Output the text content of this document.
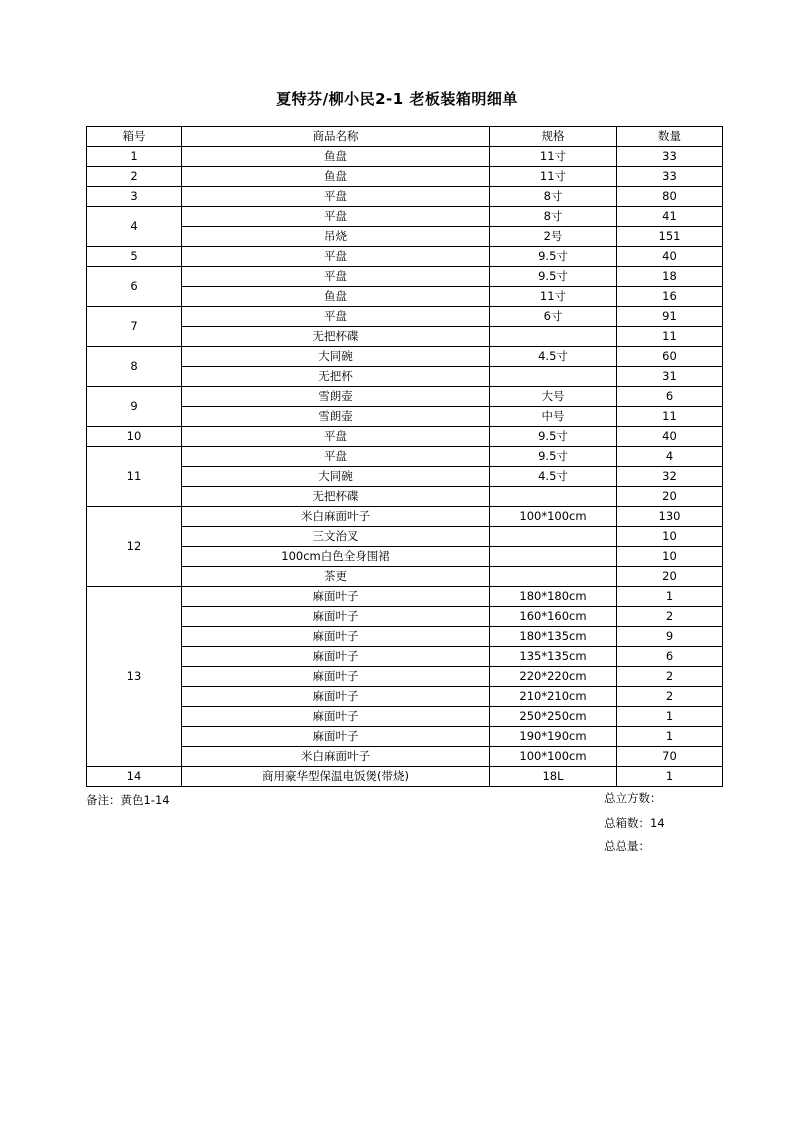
夏特芬/柳小民2-1 老板装箱明细单
箱号	商品名称	规格	数量
1	鱼盘	11寸	33
2	鱼盘	11寸	33
3	平盘	8寸	80
4	平盘	8寸	41
	吊烧	2号	151
5	平盘	9.5寸	40
6	平盘	9.5寸	18
	鱼盘	11寸	16
7	平盘	6寸	91
	无把杯碟		11
8	大同碗	4.5寸	60
	无把杯		31
9	雪朗壶	大号	6
	雪朗壶	中号	11
10	平盘	9.5寸	40
11	平盘	9.5寸	4
	大同碗	4.5寸	32
	无把杯碟		20
12	米白麻面叶子	100*100cm	130
	三文治叉		10
	100cm白色全身围裙		10
	茶更		20
13	麻面叶子	180*180cm	1
	麻面叶子	160*160cm	2
	麻面叶子	180*135cm	9
	麻面叶子	135*135cm	6
	麻面叶子	220*220cm	2
	麻面叶子	210*210cm	2
	麻面叶子	250*250cm	1
	麻面叶子	190*190cm	1
	米白麻面叶子	100*100cm	70
14	商用豪华型保温电饭煲(带烧)	18L	1
备注：黄色1-14	总立方数：
总箱数：14
总总量：
